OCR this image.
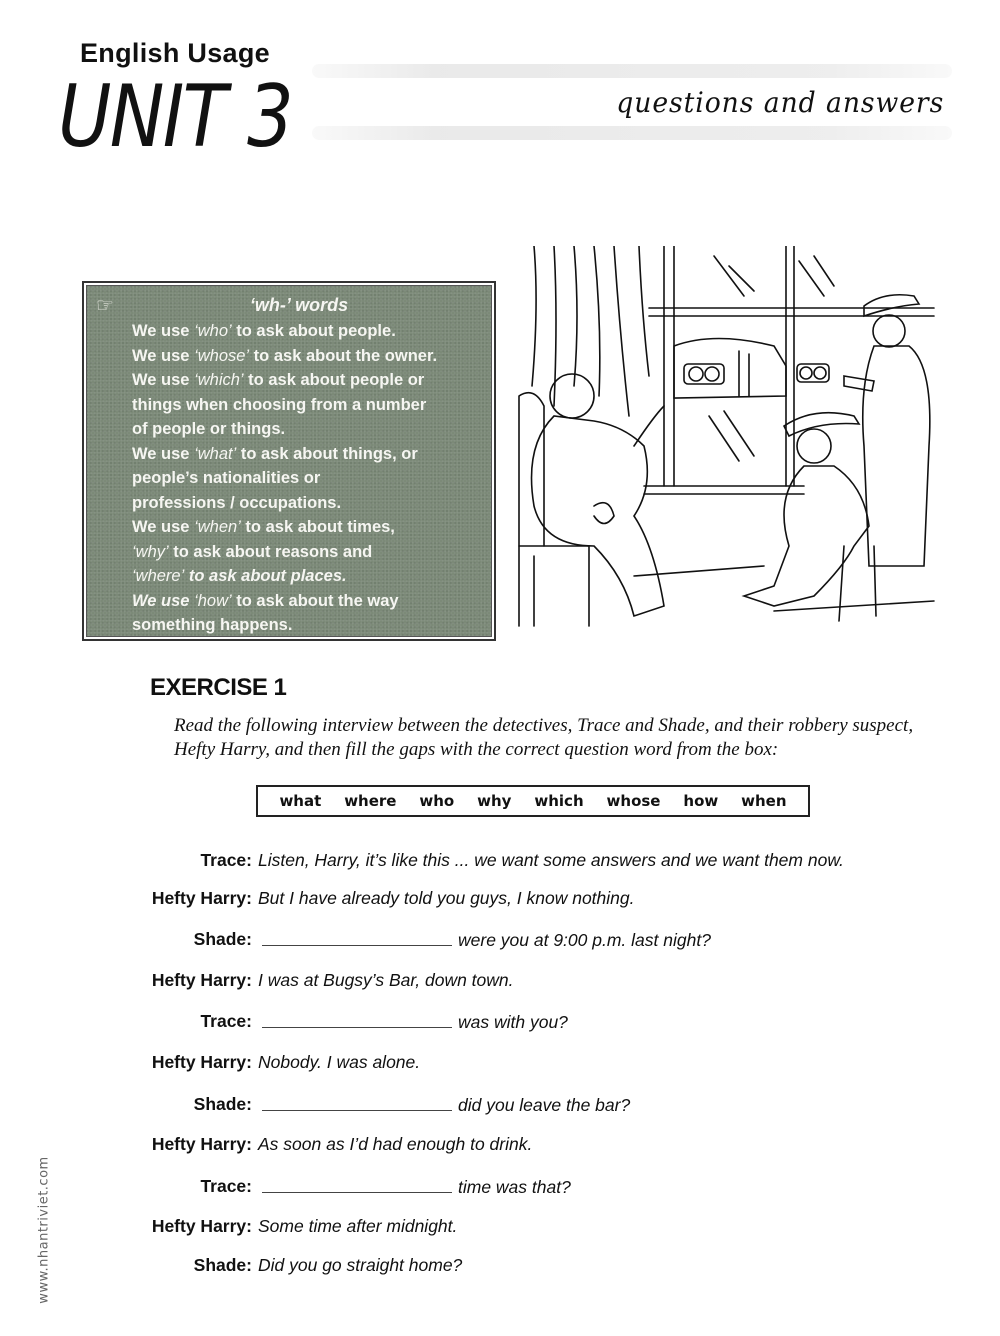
English Usage
UNIT 3	questions and answers
☞	‘wh-’ words
We use ‘who’ to ask about people.
We use ‘whose’ to ask about the owner.
We use ‘which’ to ask about people or
things when choosing from a number
of people or things.
We use ‘what’ to ask about things, or
people’s nationalities or
professions / occupations.
We use ‘when’ to ask about times,
‘why’ to ask about reasons and
‘where’ to ask about places.
We use ‘how’ to ask about the way
something happens.
EXERCISE 1
Read the following interview between the detectives, Trace and Shade, and their robbery suspect, Hefty Harry, and then fill the gaps with the correct question word from the box:
what where who why which whose how when
Trace: Listen, Harry, it’s like this ... we want some answers and we want them now.
Hefty Harry: But I have already told you guys, I know nothing.
Shade:	were you at 9:00 p.m. last night?
Hefty Harry: I was at Bugsy’s Bar, down town.
Trace:	was with you?
Hefty Harry: Nobody. I was alone.
Shade:	did you leave the bar?
Hefty Harry: As soon as I’d had enough to drink.
Trace:	time was that?
Hefty Harry: Some time after midnight.
Shade: Did you go straight home?
www.nhantriviet.com
